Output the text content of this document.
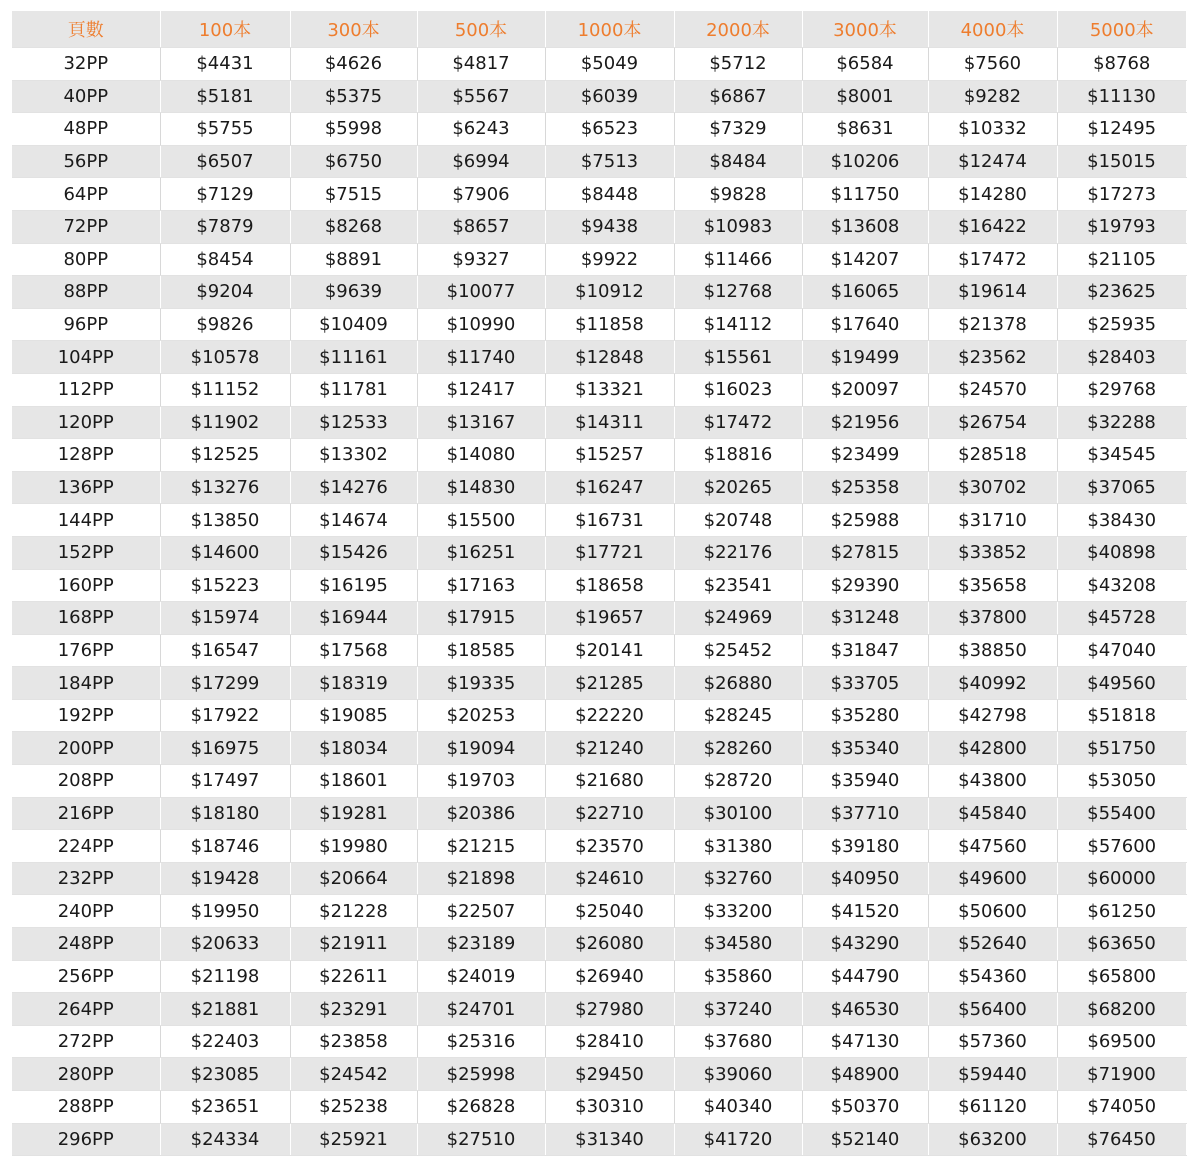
頁數	100本	300本	500本	1000本	2000本	3000本	4000本	5000本
32PP	$4431	$4626	$4817	$5049	$5712	$6584	$7560	$8768
40PP	$5181	$5375	$5567	$6039	$6867	$8001	$9282	$11130
48PP	$5755	$5998	$6243	$6523	$7329	$8631	$10332	$12495
56PP	$6507	$6750	$6994	$7513	$8484	$10206	$12474	$15015
64PP	$7129	$7515	$7906	$8448	$9828	$11750	$14280	$17273
72PP	$7879	$8268	$8657	$9438	$10983	$13608	$16422	$19793
80PP	$8454	$8891	$9327	$9922	$11466	$14207	$17472	$21105
88PP	$9204	$9639	$10077	$10912	$12768	$16065	$19614	$23625
96PP	$9826	$10409	$10990	$11858	$14112	$17640	$21378	$25935
104PP	$10578	$11161	$11740	$12848	$15561	$19499	$23562	$28403
112PP	$11152	$11781	$12417	$13321	$16023	$20097	$24570	$29768
120PP	$11902	$12533	$13167	$14311	$17472	$21956	$26754	$32288
128PP	$12525	$13302	$14080	$15257	$18816	$23499	$28518	$34545
136PP	$13276	$14276	$14830	$16247	$20265	$25358	$30702	$37065
144PP	$13850	$14674	$15500	$16731	$20748	$25988	$31710	$38430
152PP	$14600	$15426	$16251	$17721	$22176	$27815	$33852	$40898
160PP	$15223	$16195	$17163	$18658	$23541	$29390	$35658	$43208
168PP	$15974	$16944	$17915	$19657	$24969	$31248	$37800	$45728
176PP	$16547	$17568	$18585	$20141	$25452	$31847	$38850	$47040
184PP	$17299	$18319	$19335	$21285	$26880	$33705	$40992	$49560
192PP	$17922	$19085	$20253	$22220	$28245	$35280	$42798	$51818
200PP	$16975	$18034	$19094	$21240	$28260	$35340	$42800	$51750
208PP	$17497	$18601	$19703	$21680	$28720	$35940	$43800	$53050
216PP	$18180	$19281	$20386	$22710	$30100	$37710	$45840	$55400
224PP	$18746	$19980	$21215	$23570	$31380	$39180	$47560	$57600
232PP	$19428	$20664	$21898	$24610	$32760	$40950	$49600	$60000
240PP	$19950	$21228	$22507	$25040	$33200	$41520	$50600	$61250
248PP	$20633	$21911	$23189	$26080	$34580	$43290	$52640	$63650
256PP	$21198	$22611	$24019	$26940	$35860	$44790	$54360	$65800
264PP	$21881	$23291	$24701	$27980	$37240	$46530	$56400	$68200
272PP	$22403	$23858	$25316	$28410	$37680	$47130	$57360	$69500
280PP	$23085	$24542	$25998	$29450	$39060	$48900	$59440	$71900
288PP	$23651	$25238	$26828	$30310	$40340	$50370	$61120	$74050
296PP	$24334	$25921	$27510	$31340	$41720	$52140	$63200	$76450
